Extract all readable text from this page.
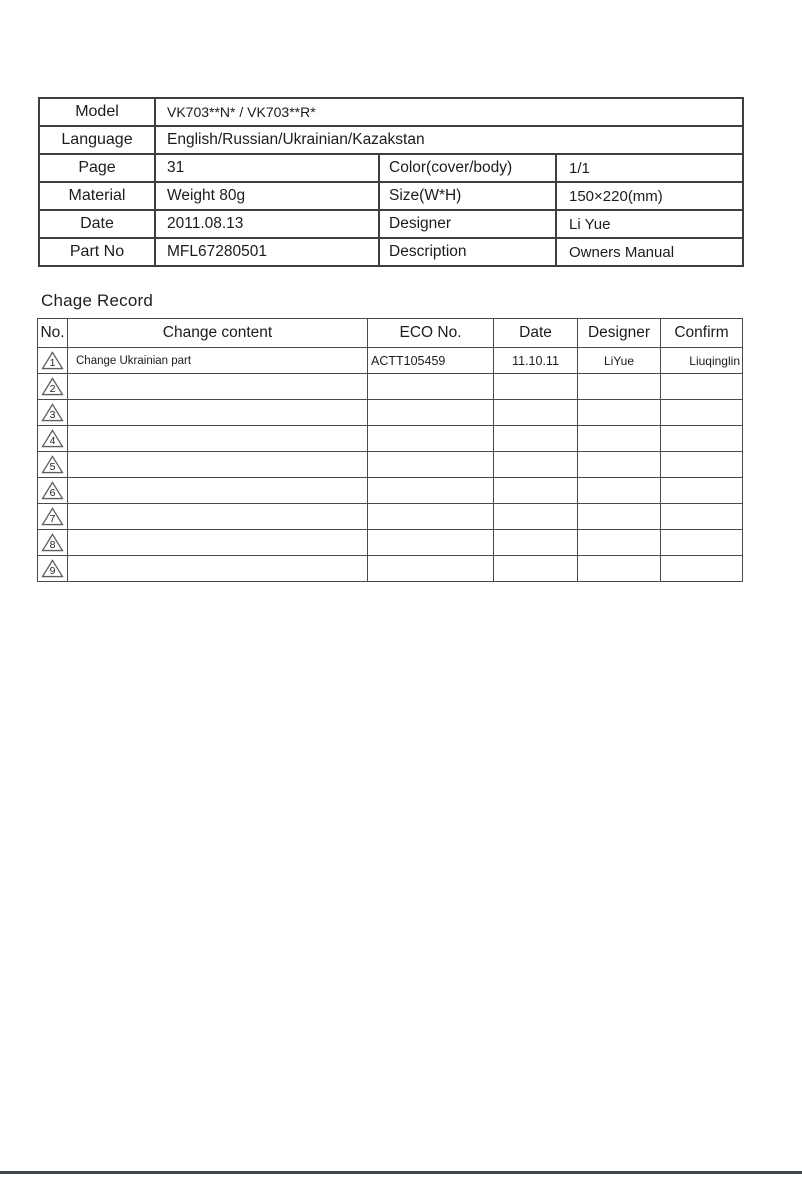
Model	VK703**N* / VK703**R*		
Language	English/Russian/Ukrainian/Kazakstan		
Page	31	Color(cover/body)	1/1
Material	Weight 80g	Size(W*H)	150×220(mm)
Date	2011.08.13	Designer	Li Yue
Part No	MFL67280501	Description	Owners Manual
Chage Record
No.	Change content	ECO No.	Date	Designer	Confirm

1	Change Ukrainian part	ACTT105459	11.10.11	LiYue	Liuqinglin

2					

3					

4					

5					

6					

7					

8					

9					
